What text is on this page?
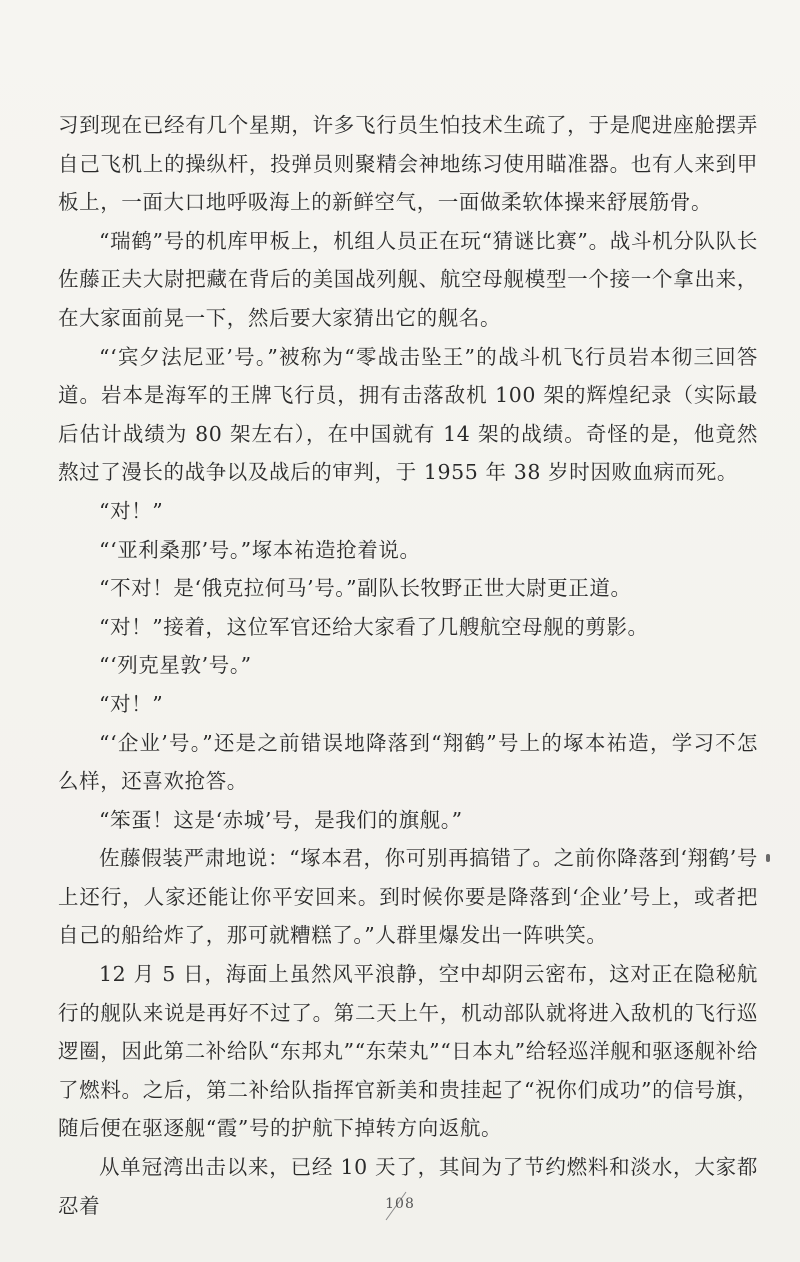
习到现在已经有几个星期，许多飞行员生怕技术生疏了，于是爬进座舱摆弄自己飞机上的操纵杆，投弹员则聚精会神地练习使用瞄准器。也有人来到甲板上，一面大口地呼吸海上的新鲜空气，一面做柔软体操来舒展筋骨。

“瑞鹤”号的机库甲板上，机组人员正在玩“猜谜比赛”。战斗机分队队长佐藤正夫大尉把藏在背后的美国战列舰、航空母舰模型一个接一个拿出来，在大家面前晃一下，然后要大家猜出它的舰名。

“‘宾夕法尼亚’号。”被称为“零战击坠王”的战斗机飞行员岩本彻三回答道。岩本是海军的王牌飞行员，拥有击落敌机 100 架的辉煌纪录（实际最后估计战绩为 80 架左右），在中国就有 14 架的战绩。奇怪的是，他竟然熬过了漫长的战争以及战后的审判，于 1955 年 38 岁时因败血病而死。

“对！”

“‘亚利桑那’号。”塚本祐造抢着说。

“不对！是‘俄克拉何马’号。”副队长牧野正世大尉更正道。

“对！”接着，这位军官还给大家看了几艘航空母舰的剪影。

“‘列克星敦’号。”

“对！”

“‘企业’号。”还是之前错误地降落到“翔鹤”号上的塚本祐造，学习不怎么样，还喜欢抢答。

“笨蛋！这是‘赤城’号，是我们的旗舰。”

佐藤假装严肃地说：“塚本君，你可别再搞错了。之前你降落到‘翔鹤’号上还行，人家还能让你平安回来。到时候你要是降落到‘企业’号上，或者把自己的船给炸了，那可就糟糕了。”人群里爆发出一阵哄笑。

12 月 5 日，海面上虽然风平浪静，空中却阴云密布，这对正在隐秘航行的舰队来说是再好不过了。第二天上午，机动部队就将进入敌机的飞行巡逻圈，因此第二补给队“东邦丸”“东荣丸”“日本丸”给轻巡洋舰和驱逐舰补给了燃料。之后，第二补给队指挥官新美和贵挂起了“祝你们成功”的信号旗，随后便在驱逐舰“霞”号的护航下掉转方向返航。

从单冠湾出击以来，已经 10 天了，其间为了节约燃料和淡水，大家都忍着	108
